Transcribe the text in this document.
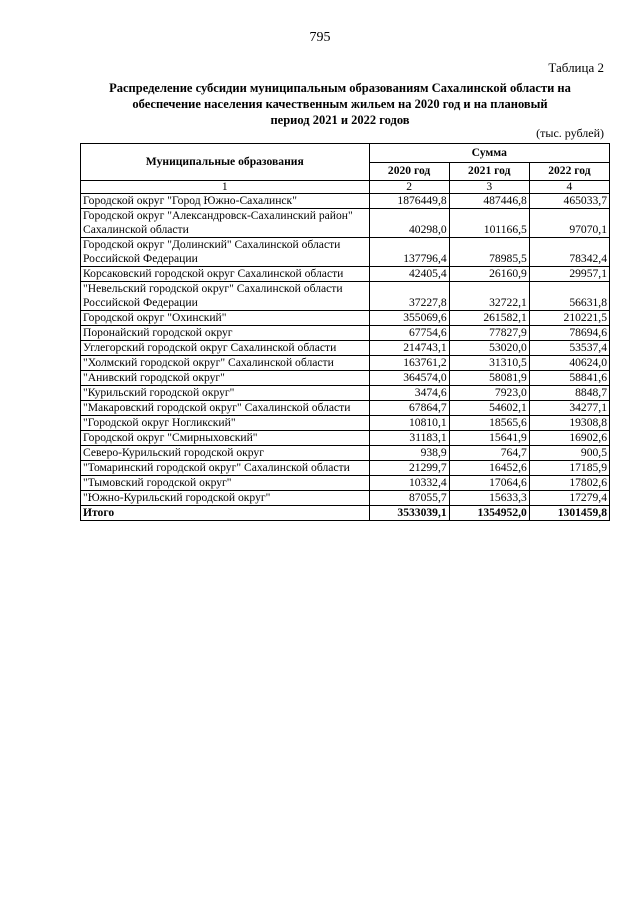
795
Таблица 2
Распределение субсидии муниципальным образованиям Сахалинской области на
обеспечение населения качественным жильем на 2020 год и на плановый
период 2021 и 2022 годов
(тыс. рублей)
Муниципальные образования	Сумма		
	2020 год	2021 год	2022 год
1	2	3	4
Городской округ "Город Южно-Сахалинск"	1876449,8	487446,8	465033,7
Городской округ "Александровск-Сахалинский район" Сахалинской области	40298,0	101166,5	97070,1
Городской округ "Долинский" Сахалинской области Российской Федерации	137796,4	78985,5	78342,4
Корсаковский городской округ Сахалинской области	42405,4	26160,9	29957,1
"Невельский городской округ" Сахалинской области Российской Федерации	37227,8	32722,1	56631,8
Городской округ "Охинский"	355069,6	261582,1	210221,5
Поронайский городской округ	67754,6	77827,9	78694,6
Углегорский городской округ Сахалинской области	214743,1	53020,0	53537,4
"Холмский городской округ" Сахалинской области	163761,2	31310,5	40624,0
"Анивский городской округ"	364574,0	58081,9	58841,6
"Курильский городской округ"	3474,6	7923,0	8848,7
"Макаровский городской округ" Сахалинской области	67864,7	54602,1	34277,1
"Городской округ Ногликский"	10810,1	18565,6	19308,8
Городской округ "Смирныховский"	31183,1	15641,9	16902,6
Северо-Курильский городской округ	938,9	764,7	900,5
"Томаринский городской округ" Сахалинской области	21299,7	16452,6	17185,9
"Тымовский городской округ"	10332,4	17064,6	17802,6
"Южно-Курильский городской округ"	87055,7	15633,3	17279,4
Итого	3533039,1	1354952,0	1301459,8
